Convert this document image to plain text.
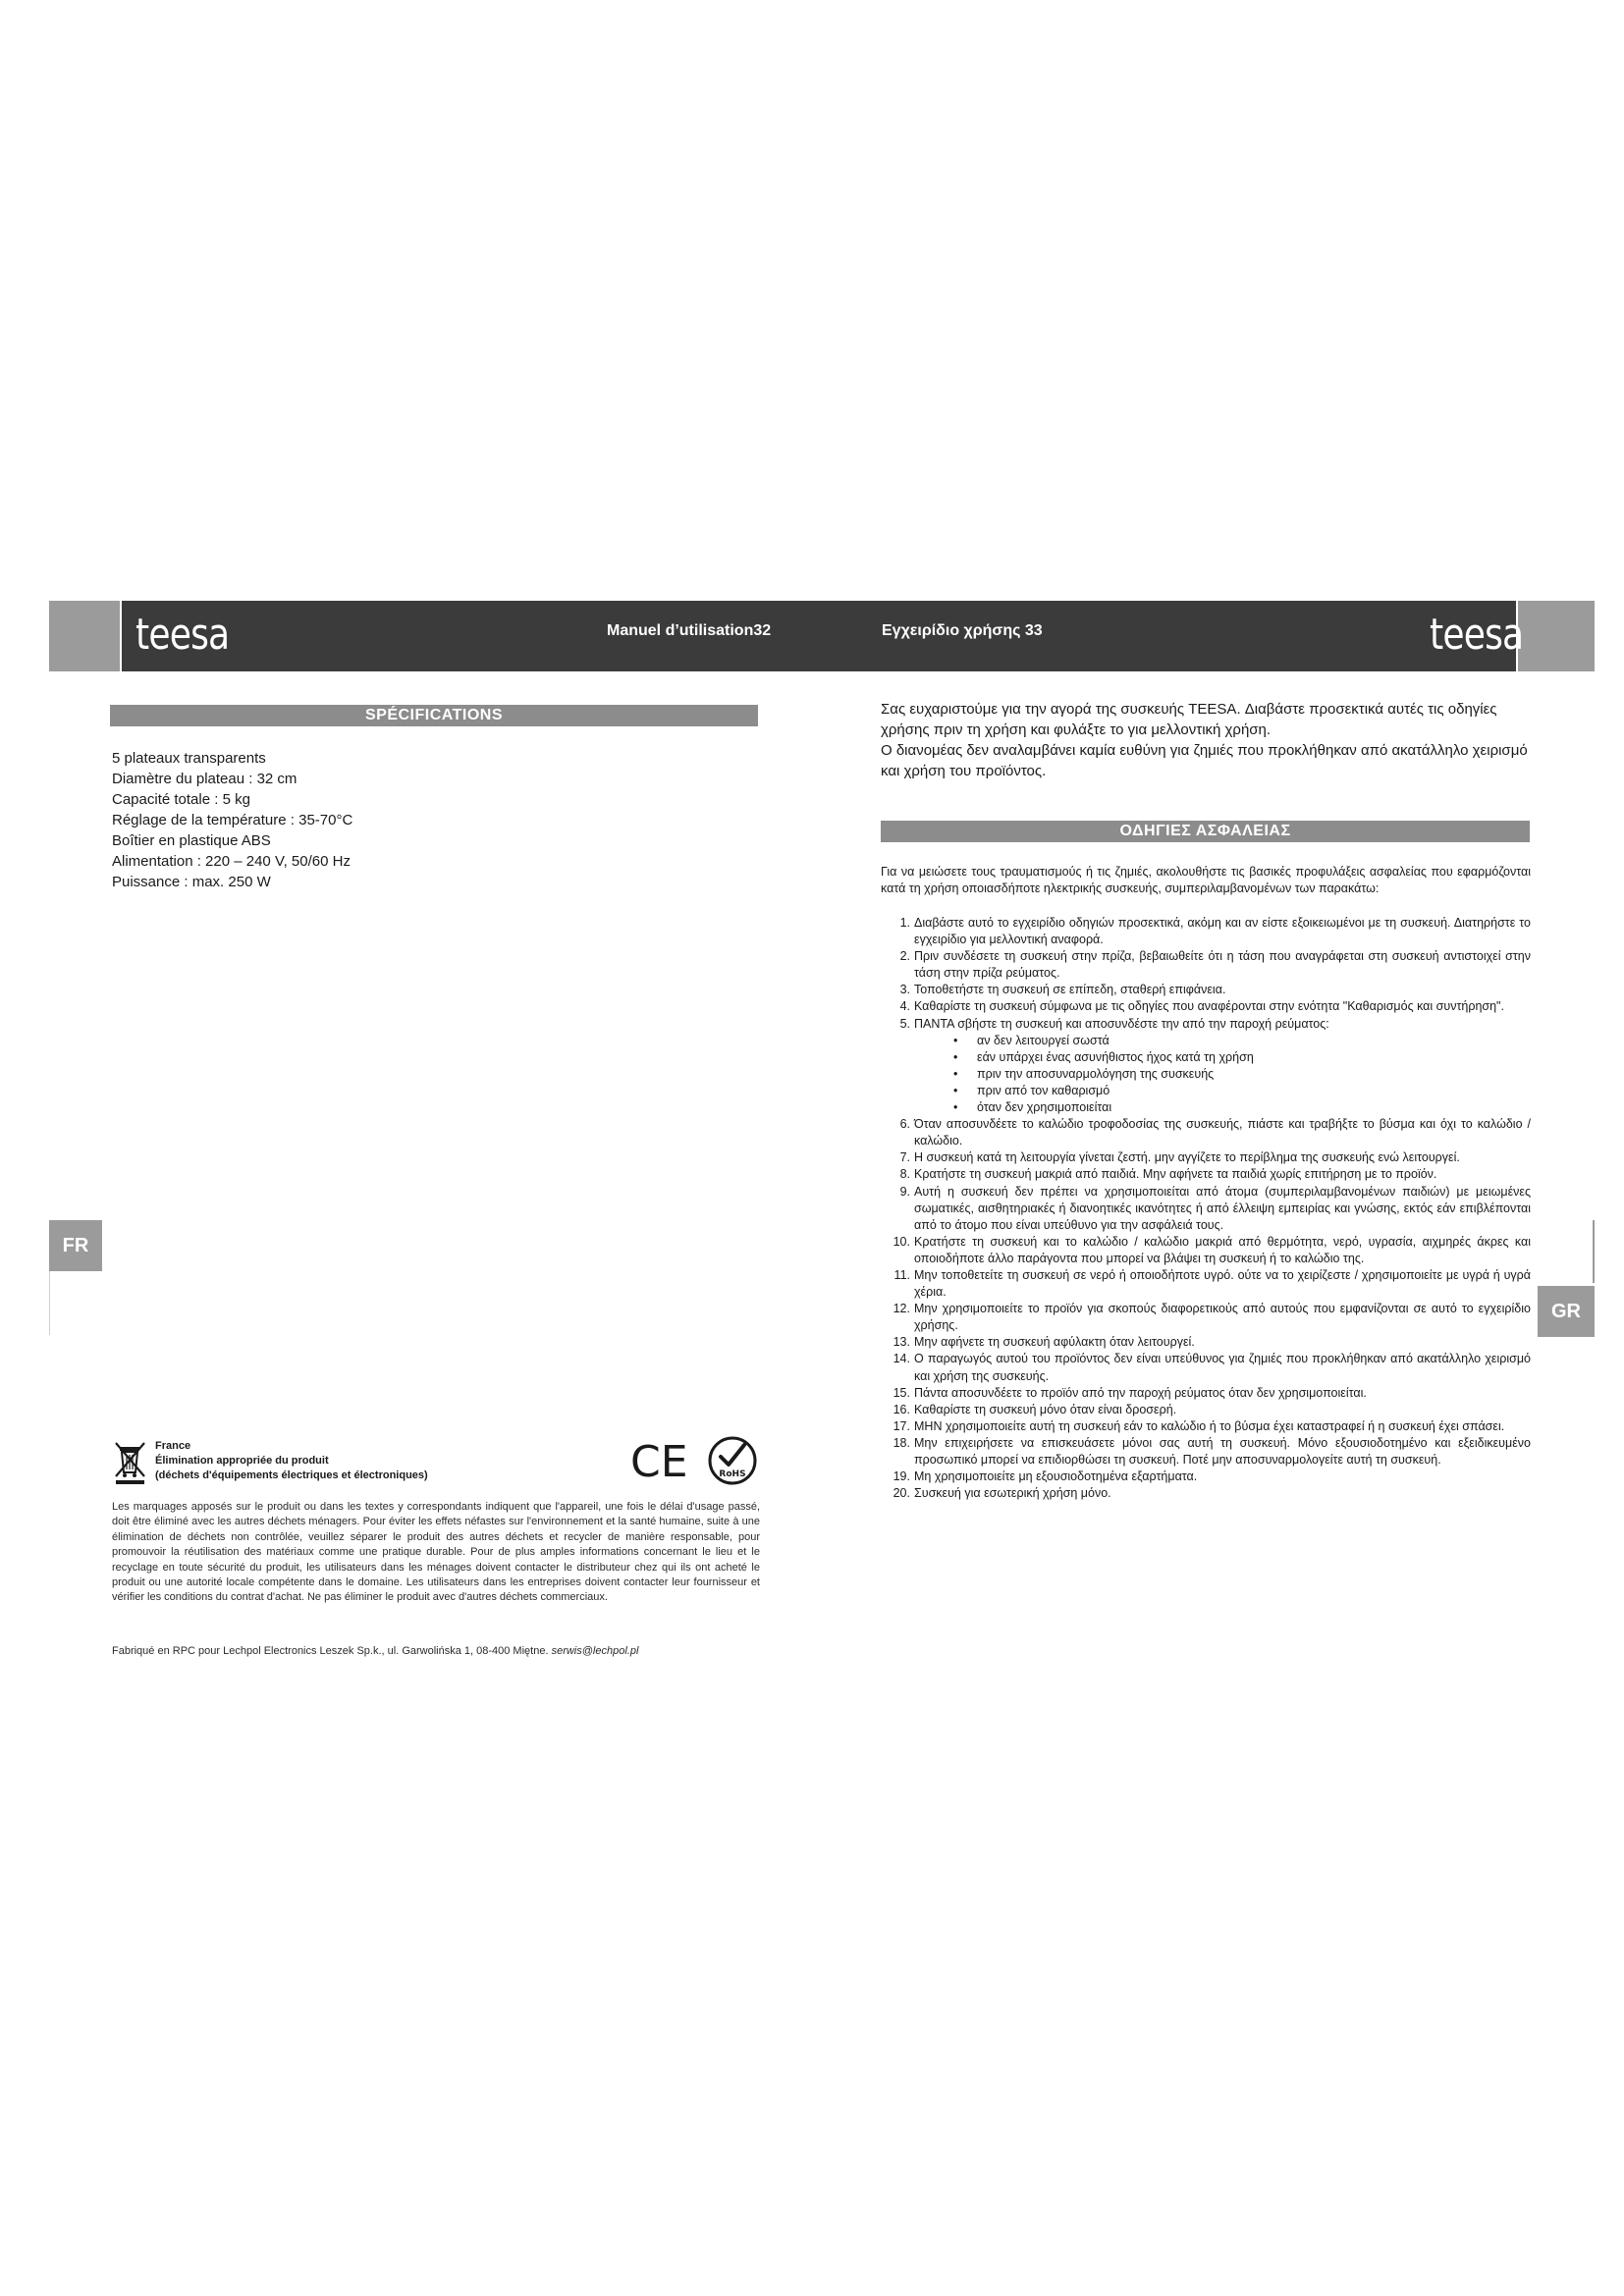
teesa	Manuel d’utilisation32	Εγχειρίδιο χρήσης 33	teesa
SPÉCIFICATIONS
5 plateaux transparents
Diamètre du plateau : 32 cm
Capacité totale : 5 kg
Réglage de la température : 35-70°C
Boîtier en plastique ABS
Alimentation : 220 – 240 V, 50/60 Hz
Puissance : max. 250 W
FR
France
Élimination appropriée du produit
(déchets d'équipements électriques et électroniques)	CE	RoHS

Les marquages apposés sur le produit ou dans les textes y correspondants indiquent que l'appareil, une fois le délai d'usage passé, doit être éliminé avec les autres déchets ménagers. Pour éviter les effets néfastes sur l'environnement et la santé humaine, suite à une élimination de déchets non contrôlée, veuillez séparer le produit des autres déchets et recycler de manière responsable, pour promouvoir la réutilisation des matériaux comme une pratique durable. Pour de plus amples informations concernant le lieu et le recyclage en toute sécurité du produit, les utilisateurs dans les ménages doivent contacter le distributeur chez qui ils ont acheté le produit ou une autorité locale compétente dans le domaine. Les utilisateurs dans les entreprises doivent contacter leur fournisseur et vérifier les conditions du contrat d'achat. Ne pas éliminer le produit avec d'autres déchets commerciaux.

Fabriqué en RPC pour Lechpol Electronics Leszek Sp.k., ul. Garwolińska 1, 08-400 Miętne. serwis@lechpol.pl
Σας ευχαριστούμε για την αγορά της συσκευής TEESA. Διαβάστε προσεκτικά αυτές τις οδηγίες χρήσης πριν τη χρήση και φυλάξτε το για μελλοντική χρήση.
Ο διανομέας δεν αναλαμβάνει καμία ευθύνη για ζημιές που προκλήθηκαν από ακατάλληλο χειρισμό και χρήση του προϊόντος.
ΟΔΗΓΙΕΣ ΑΣΦΑΛΕΙΑΣ

Για να μειώσετε τους τραυματισμούς ή τις ζημιές, ακολουθήστε τις βασικές προφυλάξεις ασφαλείας που εφαρμόζονται κατά τη χρήση οποιασδήποτε ηλεκτρικής συσκευής, συμπεριλαμβανομένων των παρακάτω:

1. Διαβάστε αυτό το εγχειρίδιο οδηγιών προσεκτικά, ακόμη και αν είστε εξοικειωμένοι με τη συσκευή. Διατηρήστε το εγχειρίδιο για μελλοντική αναφορά.
2. Πριν συνδέσετε τη συσκευή στην πρίζα, βεβαιωθείτε ότι η τάση που αναγράφεται στη συσκευή αντιστοιχεί στην τάση στην πρίζα ρεύματος.
3. Τοποθετήστε τη συσκευή σε επίπεδη, σταθερή επιφάνεια.
4. Καθαρίστε τη συσκευή σύμφωνα με τις οδηγίες που αναφέρονται στην ενότητα "Καθαρισμός και συντήρηση".
5. ΠΑΝΤΑ σβήστε τη συσκευή και αποσυνδέστε την από την παροχή ρεύματος:
• αν δεν λειτουργεί σωστά
• εάν υπάρχει ένας ασυνήθιστος ήχος κατά τη χρήση
• πριν την αποσυναρμολόγηση της συσκευής
• πριν από τον καθαρισμό
• όταν δεν χρησιμοποιείται
6. Όταν αποσυνδέετε το καλώδιο τροφοδοσίας της συσκευής, πιάστε και τραβήξτε το βύσμα και όχι το καλώδιο / καλώδιο.
7. Η συσκευή κατά τη λειτουργία γίνεται ζεστή. μην αγγίζετε το περίβλημα της συσκευής ενώ λειτουργεί.
8. Κρατήστε τη συσκευή μακριά από παιδιά. Μην αφήνετε τα παιδιά χωρίς επιτήρηση με το προϊόν.
9. Αυτή η συσκευή δεν πρέπει να χρησιμοποιείται από άτομα (συμπεριλαμβανομένων παιδιών) με μειωμένες σωματικές, αισθητηριακές ή διανοητικές ικανότητες ή από έλλειψη εμπειρίας και γνώσης, εκτός εάν επιβλέπονται από το άτομο που είναι υπεύθυνο για την ασφάλειά τους.
10. Κρατήστε τη συσκευή και το καλώδιο / καλώδιο μακριά από θερμότητα, νερό, υγρασία, αιχμηρές άκρες και οποιοδήποτε άλλο παράγοντα που μπορεί να βλάψει τη συσκευή ή το καλώδιο της.
11. Μην τοποθετείτε τη συσκευή σε νερό ή οποιοδήποτε υγρό. ούτε να το χειρίζεστε / χρησιμοποιείτε με υγρά ή υγρά χέρια.
12. Μην χρησιμοποιείτε το προϊόν για σκοπούς διαφορετικούς από αυτούς που εμφανίζονται σε αυτό το εγχειρίδιο χρήσης.
13. Μην αφήνετε τη συσκευή αφύλακτη όταν λειτουργεί.
14. Ο παραγωγός αυτού του προϊόντος δεν είναι υπεύθυνος για ζημιές που προκλήθηκαν από ακατάλληλο χειρισμό και χρήση της συσκευής.
15. Πάντα αποσυνδέετε το προϊόν από την παροχή ρεύματος όταν δεν χρησιμοποιείται.
16. Καθαρίστε τη συσκευή μόνο όταν είναι δροσερή.
17. ΜΗΝ χρησιμοποιείτε αυτή τη συσκευή εάν το καλώδιο ή το βύσμα έχει καταστραφεί ή η συσκευή έχει σπάσει.
18. Μην επιχειρήσετε να επισκευάσετε μόνοι σας αυτή τη συσκευή. Μόνο εξουσιοδοτημένο και εξειδικευμένο προσωπικό μπορεί να επιδιορθώσει τη συσκευή. Ποτέ μην αποσυναρμολογείτε αυτή τη συσκευή.
19. Μη χρησιμοποιείτε μη εξουσιοδοτημένα εξαρτήματα.
20. Συσκευή για εσωτερική χρήση μόνο.
GR
